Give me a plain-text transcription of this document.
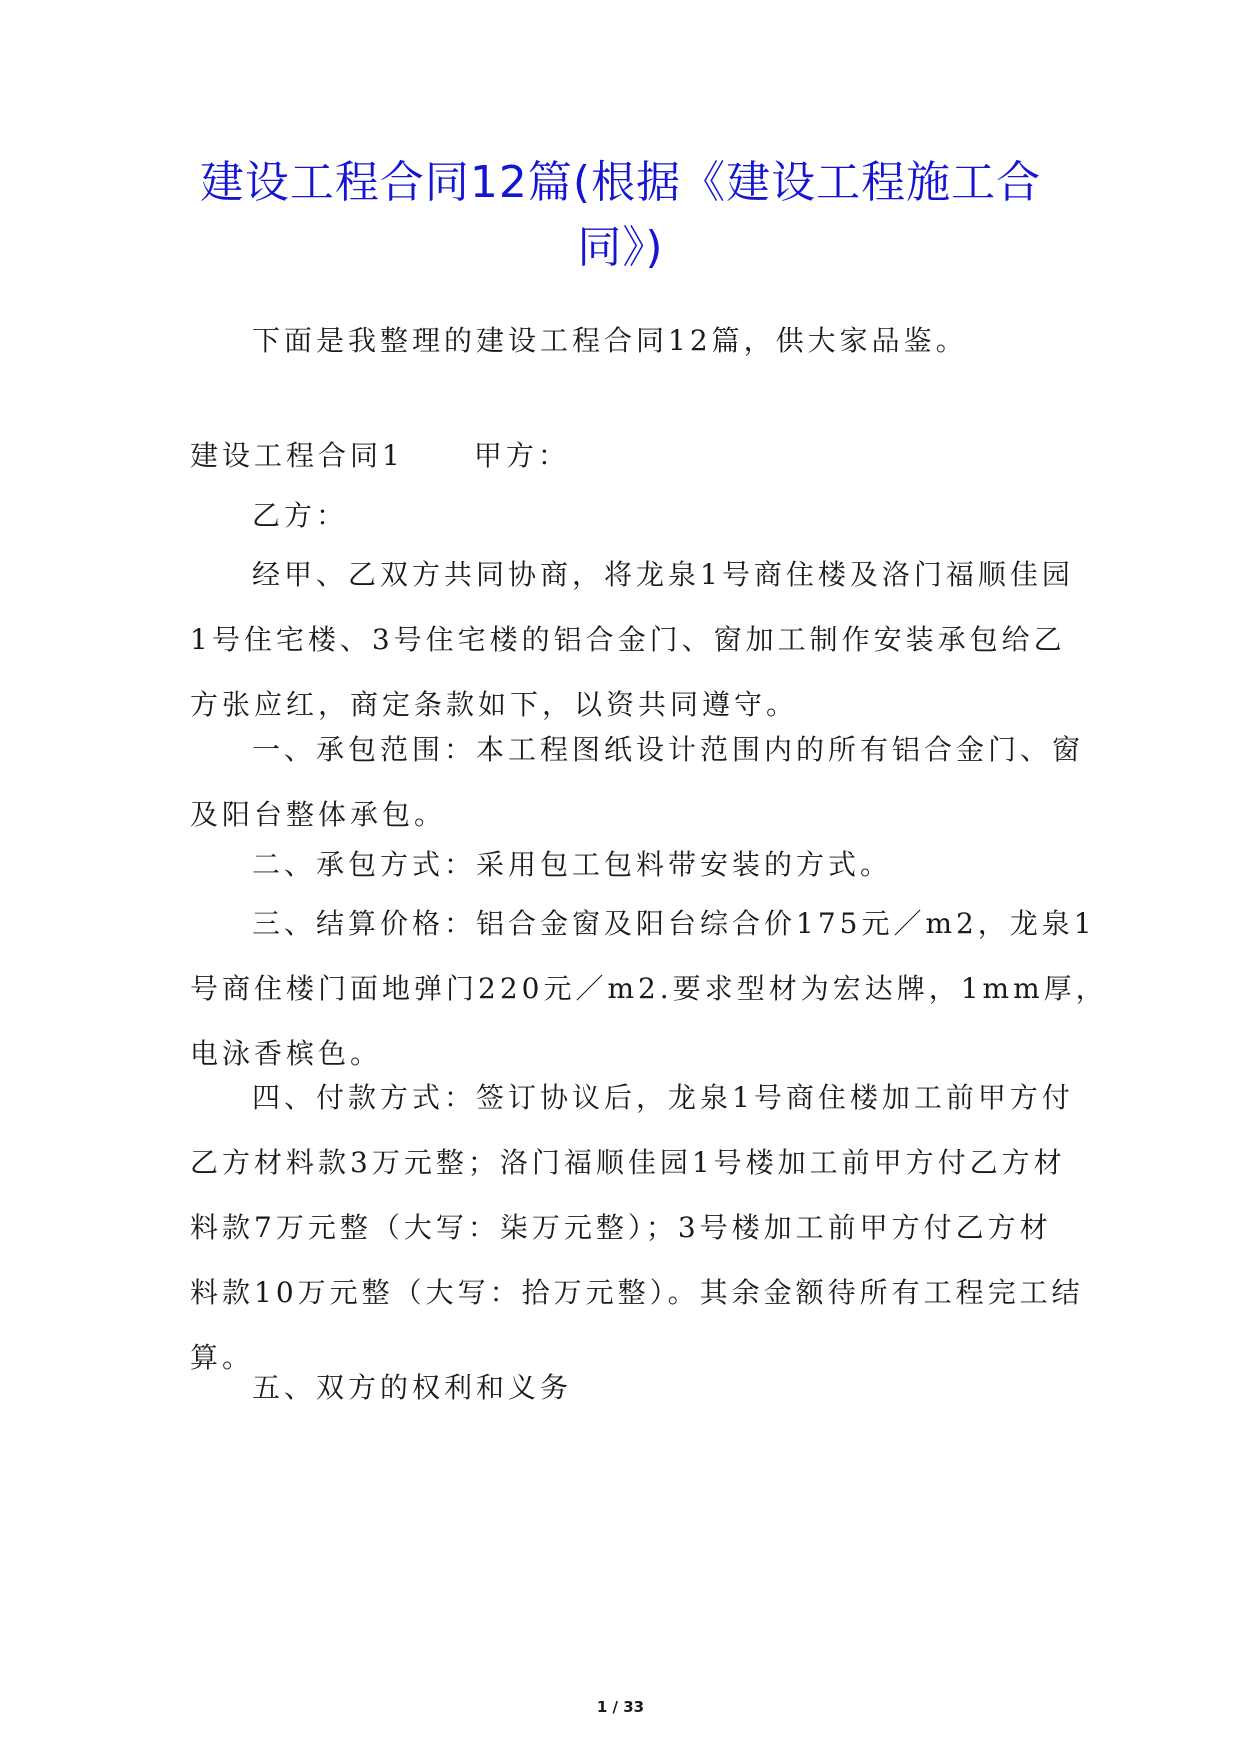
建设工程合同12篇(根据《建设工程施工合
同》)

下面是我整理的建设工程合同12篇，供大家品鉴。

建设工程合同1	甲方：

乙方：

经甲、乙双方共同协商，将龙泉1号商住楼及洛门福顺佳园
1号住宅楼、3号住宅楼的铝合金门、窗加工制作安装承包给乙
方张应红，商定条款如下，以资共同遵守。

一、承包范围：本工程图纸设计范围内的所有铝合金门、窗
及阳台整体承包。

二、承包方式：采用包工包料带安装的方式。

三、结算价格：铝合金窗及阳台综合价175元／m2，龙泉1
号商住楼门面地弹门220元／m2.要求型材为宏达牌，1mm厚，
电泳香槟色。

四、付款方式：签订协议后，龙泉1号商住楼加工前甲方付
乙方材料款3万元整；洛门福顺佳园1号楼加工前甲方付乙方材
料款7万元整（大写：柒万元整）；3号楼加工前甲方付乙方材
料款10万元整（大写：拾万元整）。其余金额待所有工程完工结
算。

五、双方的权利和义务

1 / 33
